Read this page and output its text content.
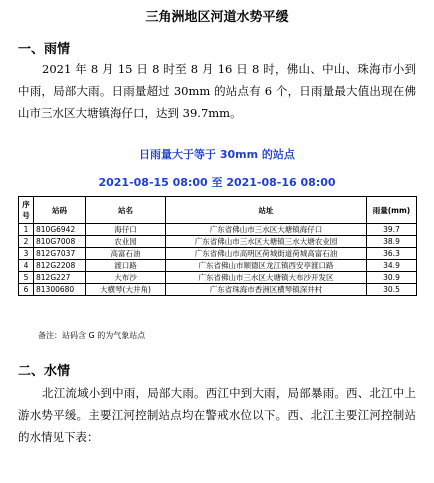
三角洲地区河道水势平缓
一、雨情

2021 年 8 月 15 日 8 时至 8 月 16 日 8 时，佛山、中山、珠海市小到中雨，局部大雨。日雨量超过 30mm 的站点有 6 个，日雨量最大值出现在佛山市三水区大塘镇海仔口，达到 39.7mm。

日雨量大于等于 30mm 的站点
2021-08-15 08:00 至 2021-08-16 08:00
序号	站码	站名	站址	雨量(mm)
1	810G6942	海仔口	广东省佛山市三水区大塘镇海仔口	39.7
2	810G7008	农业园	广东省佛山市三水区大塘镇三水大塘农业园	38.9
3	812G7037	高富石油	广东省佛山市高明区荷城街道荷城高富石油	36.3
4	812G2208	渡口路	广东省佛山市顺德区龙江镇西安亭渡口路	34.9
5	812G227	大布沙	广东省佛山市三水区大塘镇大布沙开发区	30.9
6	81300680	大横琴(大井角)	广东省珠海市香洲区横琴镇深井村	30.5
备注：站码含 G 的为气象站点
二、水情

北江流域小到中雨，局部大雨。西江中到大雨，局部暴雨。西、北江中上游水势平缓。主要江河控制站点均在警戒水位以下。西、北江主要江河控制站的水情见下表：
